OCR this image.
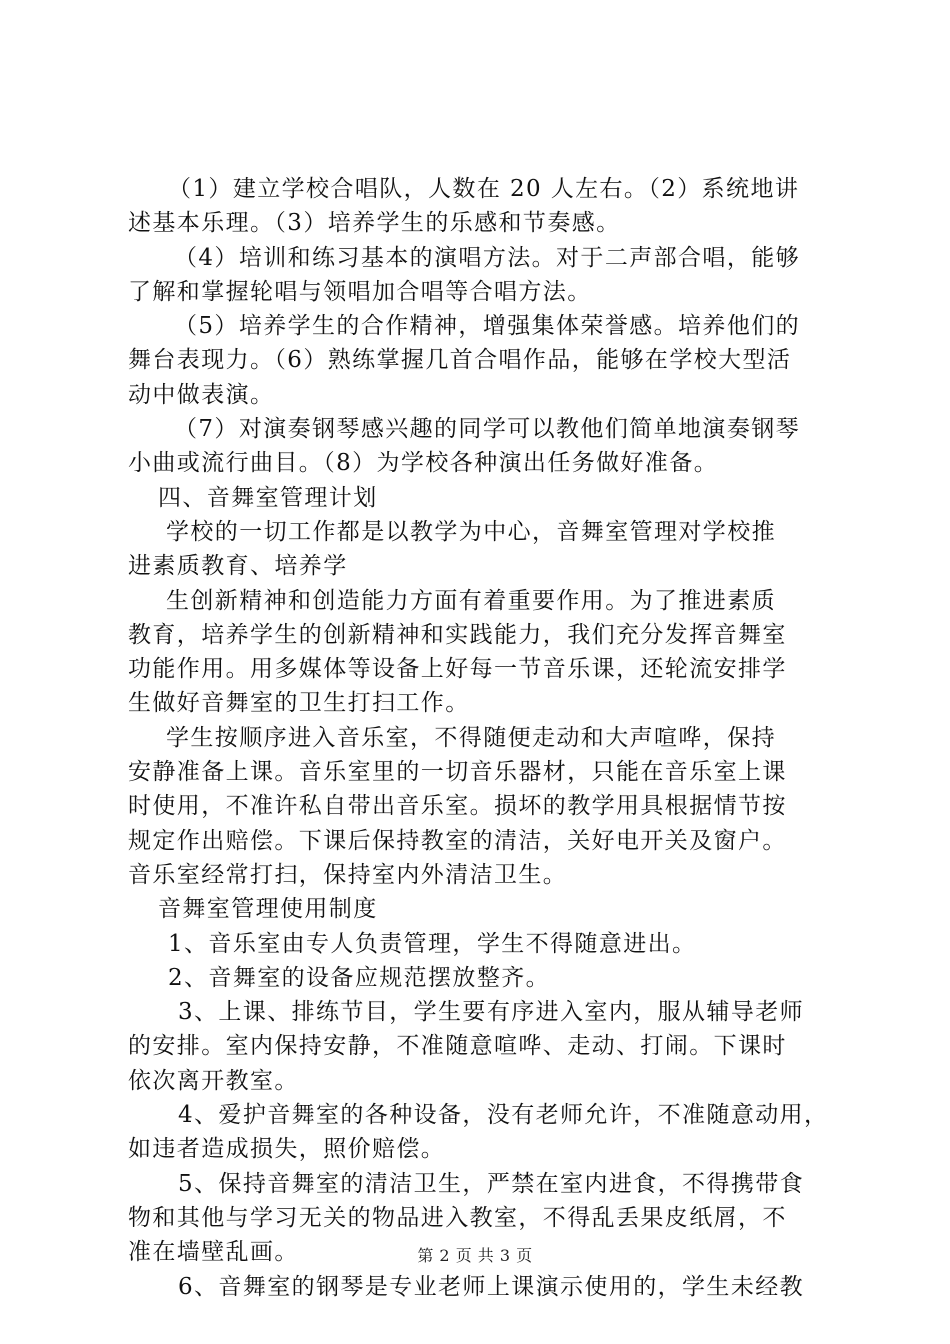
（1）建立学校合唱队，人数在 20 人左右。（2）系统地讲
述基本乐理。（3）培养学生的乐感和节奏感。
（4）培训和练习基本的演唱方法。对于二声部合唱，能够
了解和掌握轮唱与领唱加合唱等合唱方法。
（5）培养学生的合作精神，增强集体荣誉感。培养他们的
舞台表现力。（6）熟练掌握几首合唱作品，能够在学校大型活
动中做表演。
（7）对演奏钢琴感兴趣的同学可以教他们简单地演奏钢琴
小曲或流行曲目。（8）为学校各种演出任务做好准备。
四、音舞室管理计划
学校的一切工作都是以教学为中心，音舞室管理对学校推
进素质教育、培养学
生创新精神和创造能力方面有着重要作用。为了推进素质
教育，培养学生的创新精神和实践能力，我们充分发挥音舞室
功能作用。用多媒体等设备上好每一节音乐课，还轮流安排学
生做好音舞室的卫生打扫工作。
学生按顺序进入音乐室，不得随便走动和大声喧哗，保持
安静准备上课。音乐室里的一切音乐器材，只能在音乐室上课
时使用，不准许私自带出音乐室。损坏的教学用具根据情节按
规定作出赔偿。下课后保持教室的清洁，关好电开关及窗户。
音乐室经常打扫，保持室内外清洁卫生。
音舞室管理使用制度
1、音乐室由专人负责管理，学生不得随意进出。
2、音舞室的设备应规范摆放整齐。
3、上课、排练节目，学生要有序进入室内，服从辅导老师
的安排。室内保持安静，不准随意喧哗、走动、打闹。下课时
依次离开教室。
4、爱护音舞室的各种设备，没有老师允许，不准随意动用，
如违者造成损失，照价赔偿。
5、保持音舞室的清洁卫生，严禁在室内进食，不得携带食
物和其他与学习无关的物品进入教室，不得乱丢果皮纸屑，不
准在墙壁乱画。
6、音舞室的钢琴是专业老师上课演示使用的，学生未经教
第 2 页 共 3 页
